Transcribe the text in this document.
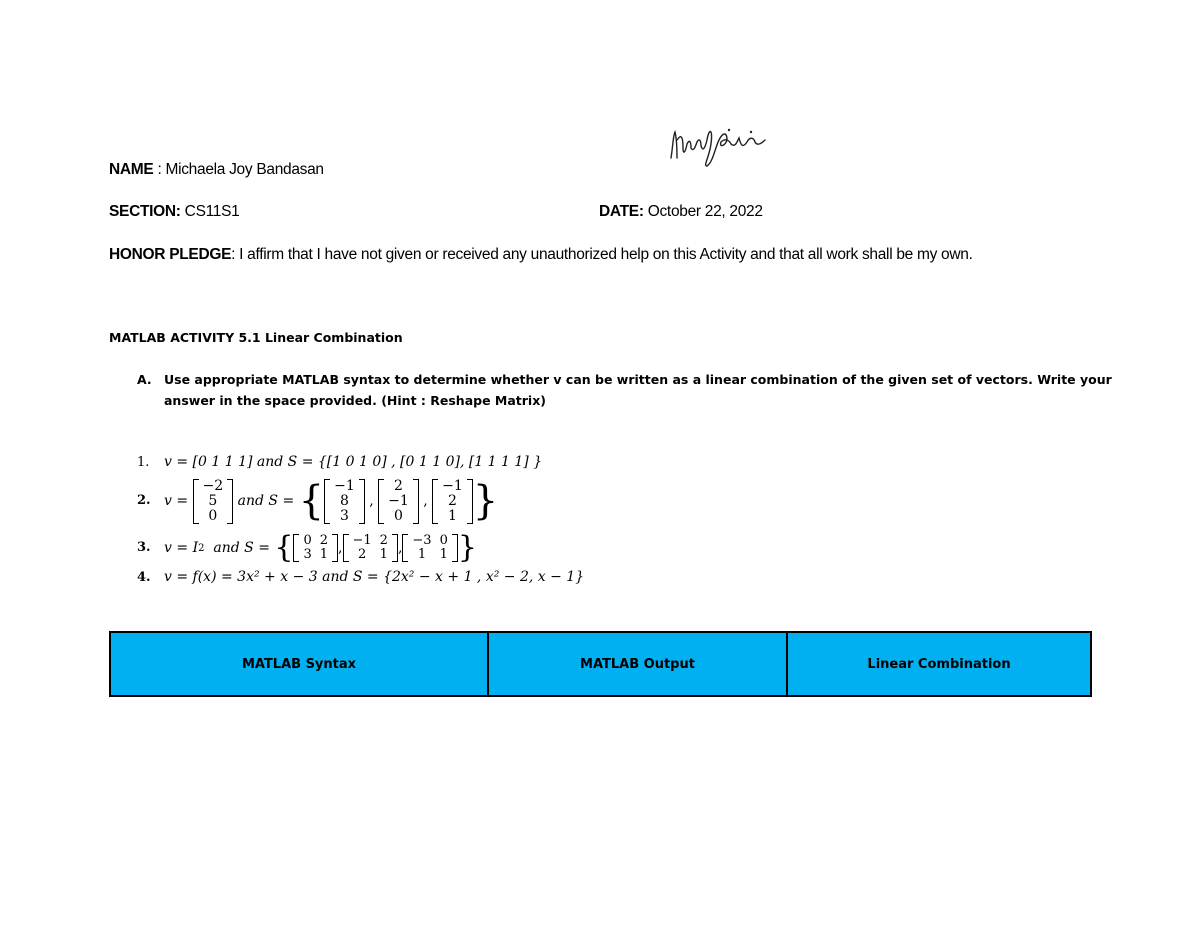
NAME : Michaela Joy Bandasan
SECTION: CS11S1	DATE: October 22, 2022
HONOR PLEDGE: I affirm that I have not given or received any unauthorized help on this Activity and that all work shall be my own.
MATLAB ACTIVITY 5.1 Linear Combination
A. Use appropriate MATLAB syntax to determine whether v can be written as a linear combination of the given set of vectors. Write your
answer in the space provided. (Hint : Reshape Matrix)
1. v = [0 1 1 1] and S = {[1 0 1 0] , [0 1 1 0], [1 1 1 1] }
2. v =
−2
5
0

and S = { −1
8
3
,
2
−1
0
,
−1
2
1 }
3. v = I 2
and S = { 0	2
3	1 , −1	2
2	1 , −3	0
1	1 }
4. v = f(x) = 3x² + x − 3 and S = {2x² − x + 1 , x² − 2, x − 1}
MATLAB Syntax	MATLAB Output	Linear Combination
